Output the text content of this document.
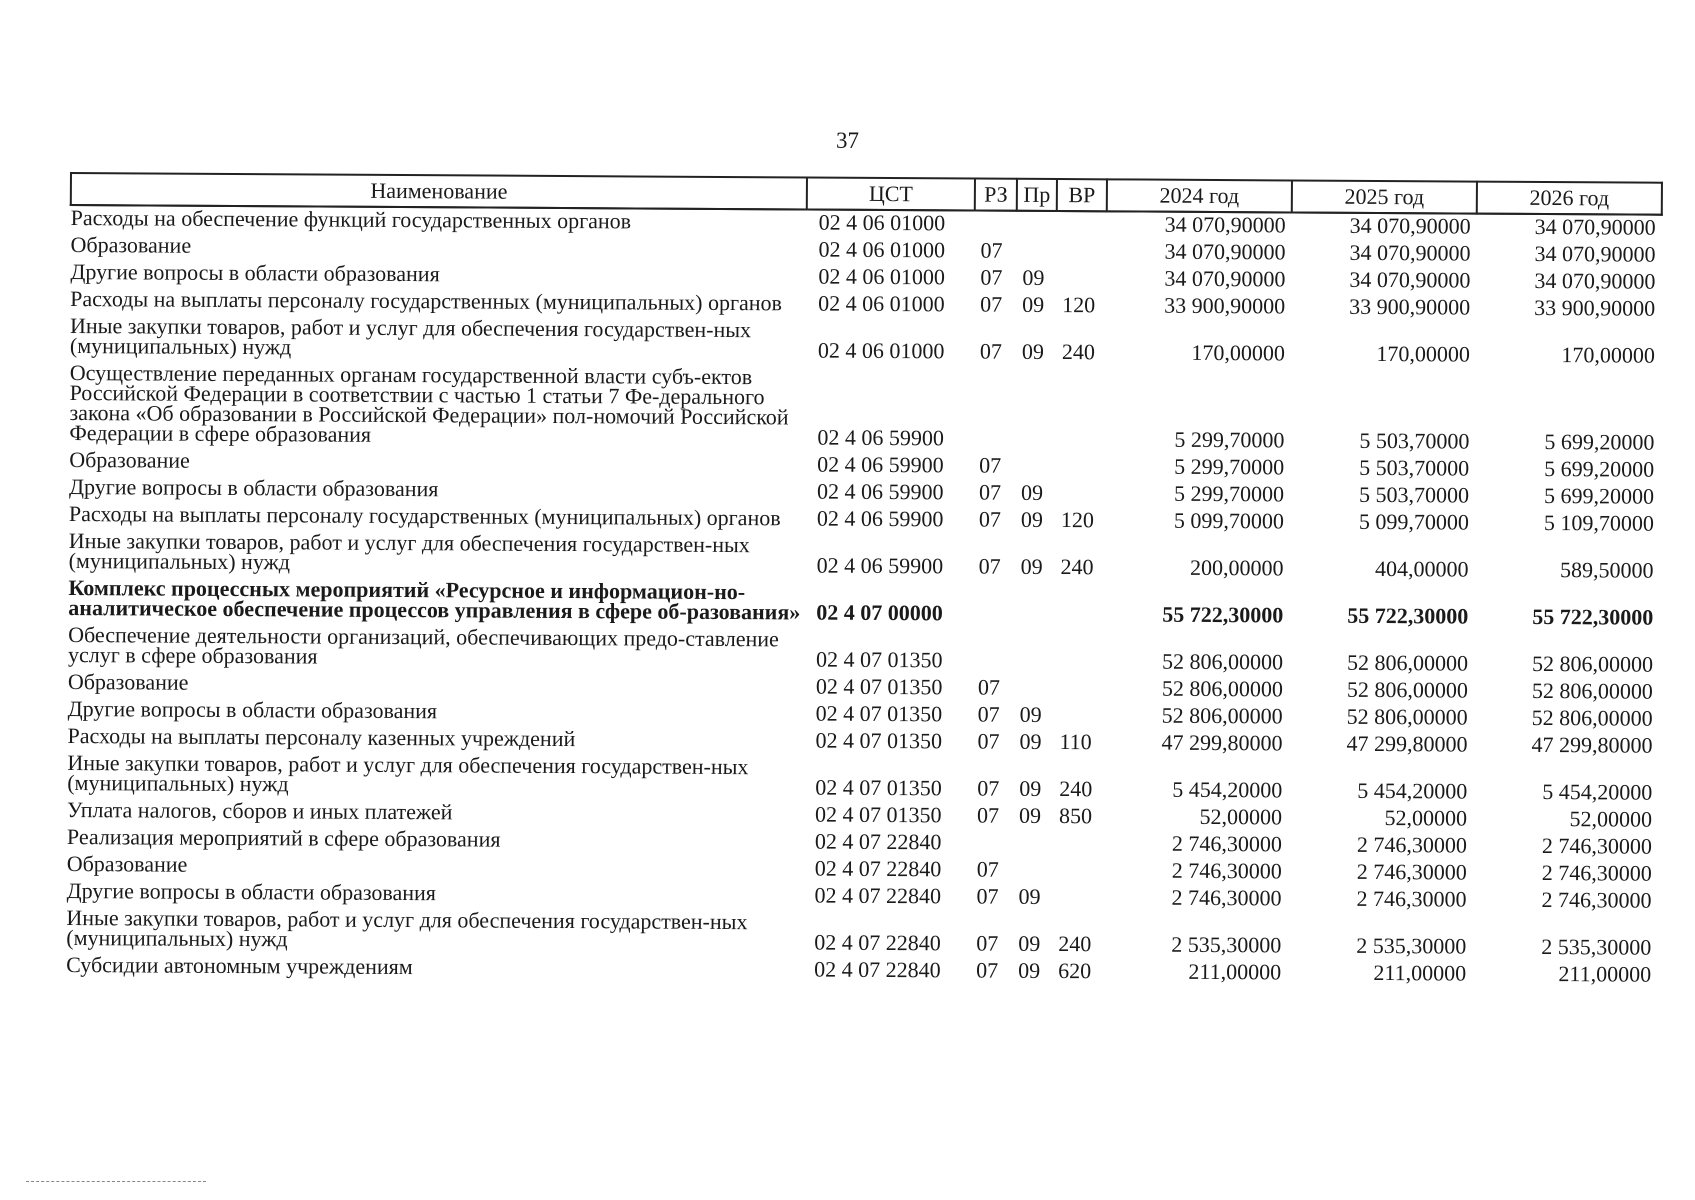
37
Наименование	ЦСТ	РЗ	Пр	ВР	2024 год	2025 год	2026 год
Расходы на обеспечение функций государственных органов	02 4 06 01000				34 070,90000	34 070,90000	34 070,90000
Образование	02 4 06 01000	07			34 070,90000	34 070,90000	34 070,90000
Другие вопросы в области образования	02 4 06 01000	07	09		34 070,90000	34 070,90000	34 070,90000
Расходы на выплаты персоналу государственных (муниципальных) органов	02 4 06 01000	07	09	120	33 900,90000	33 900,90000	33 900,90000
Иные закупки товаров, работ и услуг для обеспечения государствен-ных (муниципальных) нужд	02 4 06 01000	07	09	240	170,00000	170,00000	170,00000
Осуществление переданных органам государственной власти субъ-ектов Российской Федерации в соответствии с частью 1 статьи 7 Фе-дерального закона «Об образовании в Российской Федерации» пол-номочий Российской Федерации в сфере образования	02 4 06 59900				5 299,70000	5 503,70000	5 699,20000
Образование	02 4 06 59900	07			5 299,70000	5 503,70000	5 699,20000
Другие вопросы в области образования	02 4 06 59900	07	09		5 299,70000	5 503,70000	5 699,20000
Расходы на выплаты персоналу государственных (муниципальных) органов	02 4 06 59900	07	09	120	5 099,70000	5 099,70000	5 109,70000
Иные закупки товаров, работ и услуг для обеспечения государствен-ных (муниципальных) нужд	02 4 06 59900	07	09	240	200,00000	404,00000	589,50000
Комплекс процессных мероприятий «Ресурсное и информацион-но-аналитическое обеспечение процессов управления в сфере об-разования»	02 4 07 00000				55 722,30000	55 722,30000	55 722,30000
Обеспечение деятельности организаций, обеспечивающих предо-ставление услуг в сфере образования	02 4 07 01350				52 806,00000	52 806,00000	52 806,00000
Образование	02 4 07 01350	07			52 806,00000	52 806,00000	52 806,00000
Другие вопросы в области образования	02 4 07 01350	07	09		52 806,00000	52 806,00000	52 806,00000
Расходы на выплаты персоналу казенных учреждений	02 4 07 01350	07	09	110	47 299,80000	47 299,80000	47 299,80000
Иные закупки товаров, работ и услуг для обеспечения государствен-ных (муниципальных) нужд	02 4 07 01350	07	09	240	5 454,20000	5 454,20000	5 454,20000
Уплата налогов, сборов и иных платежей	02 4 07 01350	07	09	850	52,00000	52,00000	52,00000
Реализация мероприятий в сфере образования	02 4 07 22840				2 746,30000	2 746,30000	2 746,30000
Образование	02 4 07 22840	07			2 746,30000	2 746,30000	2 746,30000
Другие вопросы в области образования	02 4 07 22840	07	09		2 746,30000	2 746,30000	2 746,30000
Иные закупки товаров, работ и услуг для обеспечения государствен-ных (муниципальных) нужд	02 4 07 22840	07	09	240	2 535,30000	2 535,30000	2 535,30000
Субсидии автономным учреждениям	02 4 07 22840	07	09	620	211,00000	211,00000	211,00000
